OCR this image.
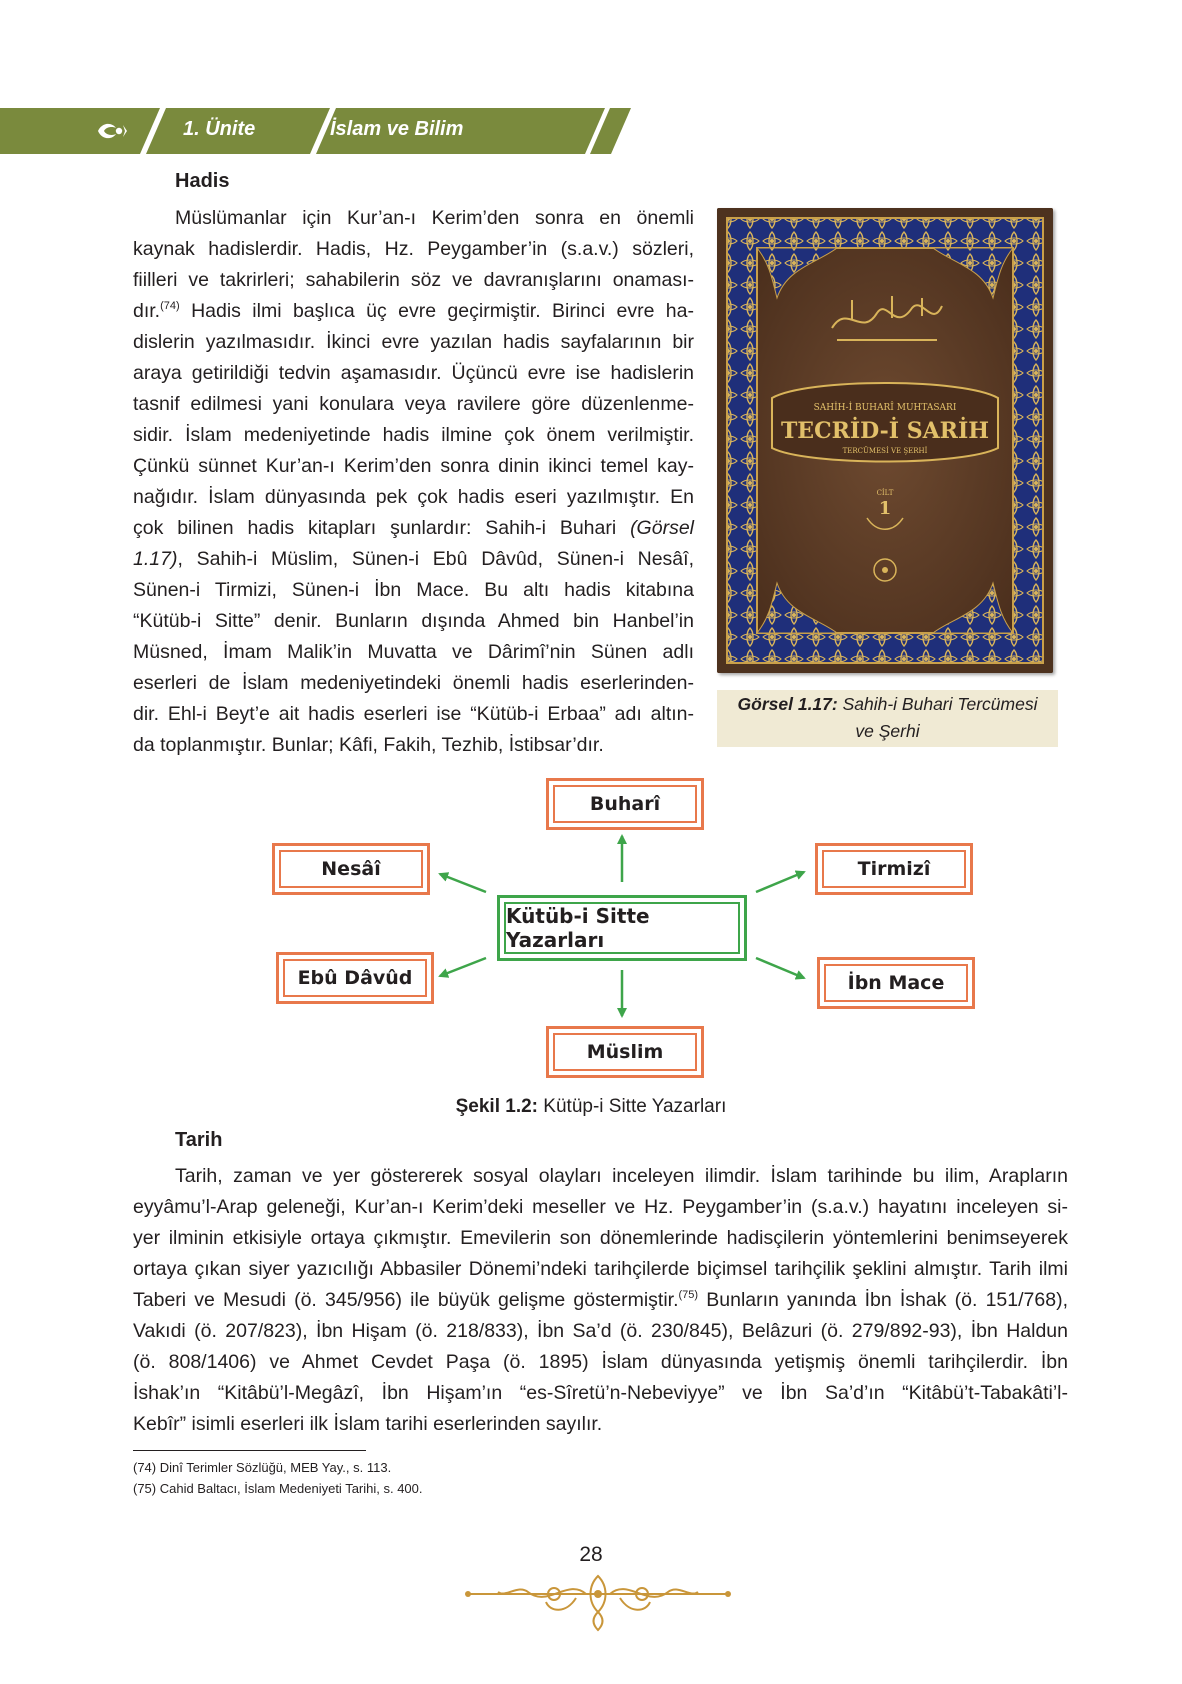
1. Ünite	İslam ve Bilim
Hadis
Müslümanlar için Kur’an-ı Kerim’den sonra en önemli
kaynak hadislerdir. Hadis, Hz. Peygamber’in (s.a.v.) sözleri,
fiilleri ve takrirleri; sahabilerin söz ve davranışlarını onaması-
dır.$^{(74)}$ Hadis ilmi başlıca üç evre geçirmiştir. Birinci evre ha-
dislerin yazılmasıdır. İkinci evre yazılan hadis sayfalarının bir
araya getirildiği tedvin aşamasıdır. Üçüncü evre ise hadislerin
tasnif edilmesi yani konulara veya ravilere göre düzenlenme-
sidir. İslam medeniyetinde hadis ilmine çok önem verilmiştir.
Çünkü sünnet Kur’an-ı Kerim’den sonra dinin ikinci temel kay-
nağıdır. İslam dünyasında pek çok hadis eseri yazılmıştır. En
çok bilinen hadis kitapları şunlardır: Sahih-i Buhari (Görsel
1.17), Sahih-i Müslim, Sünen-i Ebû Dâvûd, Sünen-i Nesâî,
Sünen-i Tirmizi, Sünen-i İbn Mace. Bu altı hadis kitabına
“Kütüb-i Sitte” denir. Bunların dışında Ahmed bin Hanbel’in
Müsned, İmam Malik’in Muvatta ve Dârimî’nin Sünen adlı
eserleri de İslam medeniyetindeki önemli hadis eserlerinden-
dir. Ehl-i Beyt’e ait hadis eserleri ise “Kütüb-i Erbaa” adı altın-
da toplanmıştır. Bunlar; Kâfi, Fakih, Tezhib, İstibsar’dır.
SAHİH-İ BUHARÎ MUHTASARI
TECRİD-İ SARİH
TERCÜMESİ VE ŞERHİ
CİLT
1
Görsel 1.17: Sahih-i Buhari Tercümesi
ve Şerhi
Buharî
Nesâî	Tirmizî
Kütüb-i Sitte Yazarları
Ebû Dâvûd	İbn Mace
Müslim
Şekil 1.2: Kütüp-i Sitte Yazarları
Tarih
Tarih, zaman ve yer göstererek sosyal olayları inceleyen ilimdir. İslam tarihinde bu ilim, Arapların
eyyâmu’l-Arap geleneği, Kur’an-ı Kerim’deki meseller ve Hz. Peygamber’in (s.a.v.) hayatını inceleyen si-
yer ilminin etkisiyle ortaya çıkmıştır. Emevilerin son dönemlerinde hadisçilerin yöntemlerini benimseyerek
ortaya çıkan siyer yazıcılığı Abbasiler Dönemi’ndeki tarihçilerde biçimsel tarihçilik şeklini almıştır. Tarih ilmi
Taberi ve Mesudi (ö. 345/956) ile büyük gelişme göstermiştir.$^{(75)}$ Bunların yanında İbn İshak (ö. 151/768),
Vakıdi (ö. 207/823), İbn Hişam (ö. 218/833), İbn Sa’d (ö. 230/845), Belâzuri (ö. 279/892-93), İbn Haldun
(ö. 808/1406) ve Ahmet Cevdet Paşa (ö. 1895) İslam dünyasında yetişmiş önemli tarihçilerdir. İbn
İshak’ın “Kitâbü’l-Megâzî, İbn Hişam’ın “es-Sîretü’n-Nebeviyye” ve İbn Sa’d’ın “Kitâbü’t-Tabakâti’l-
Kebîr” isimli eserleri ilk İslam tarihi eserlerinden sayılır.
(74) Dinî Terimler Sözlüğü, MEB Yay., s. 113.
(75) Cahid Baltacı, İslam Medeniyeti Tarihi, s. 400.
28
